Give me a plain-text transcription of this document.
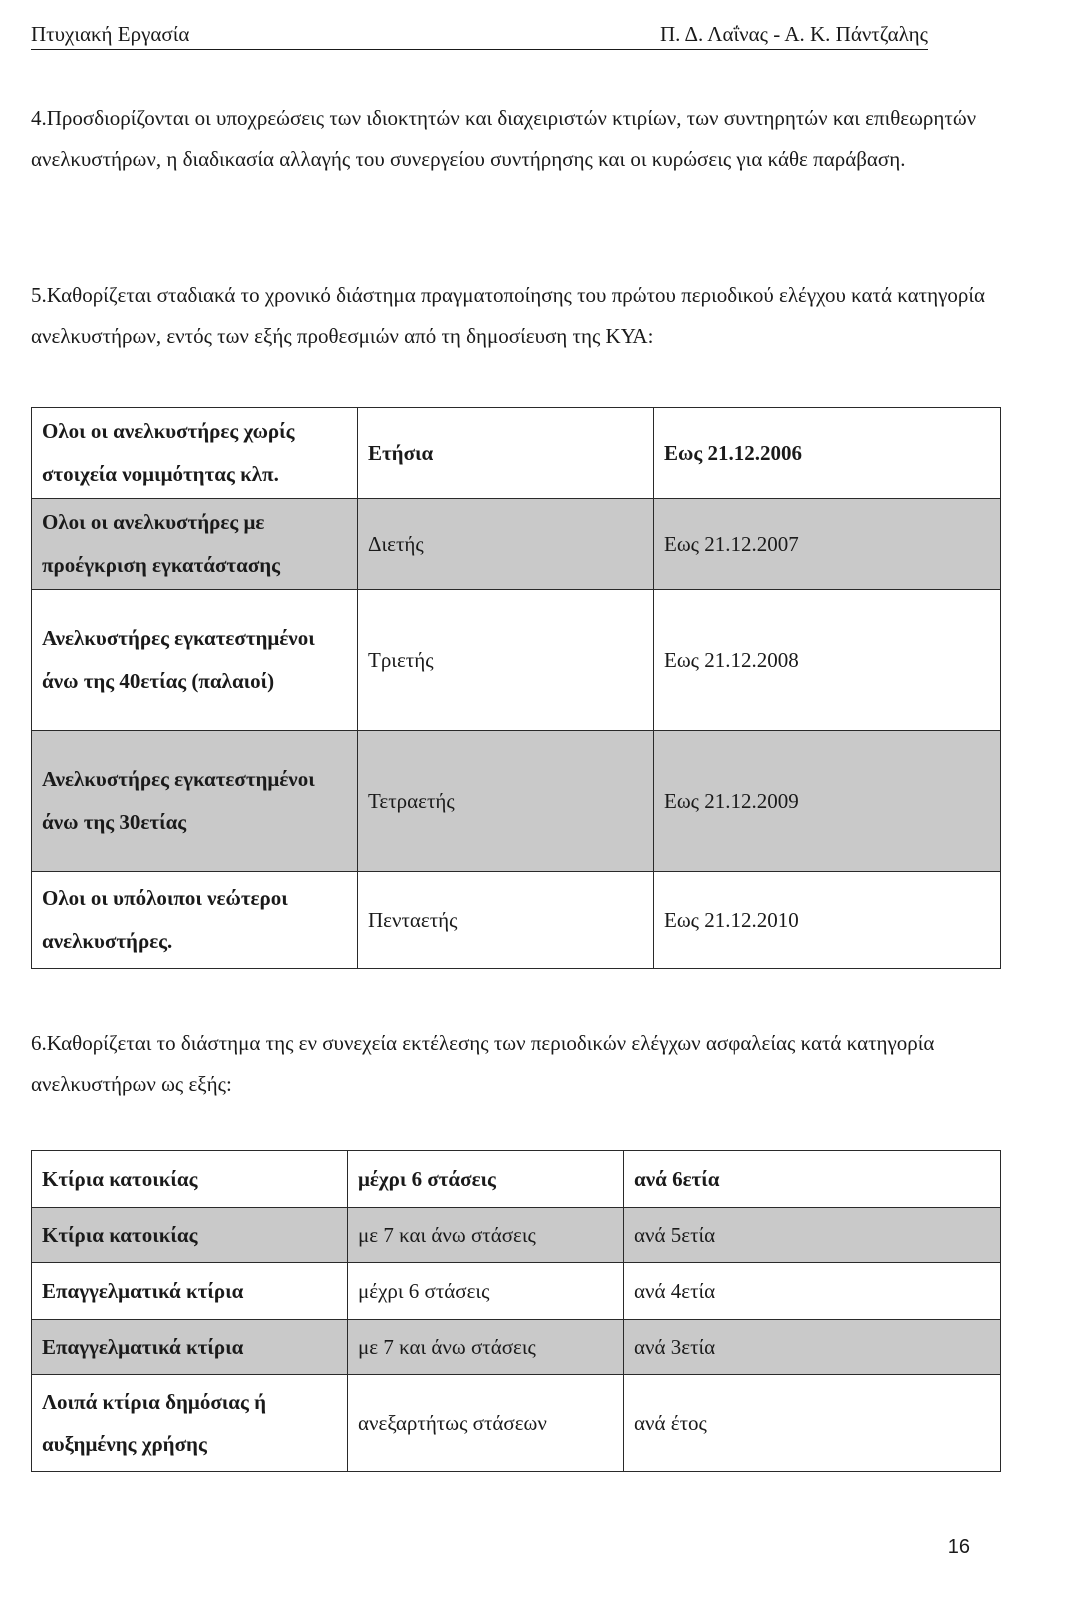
Πτυχιακή Εργασία	Π. Δ. Λαΐνας - Α. Κ. Πάντζαλης

4.Προσδιορίζονται οι υποχρεώσεις των ιδιοκτητών και διαχειριστών κτιρίων, των συντηρητών και επιθεωρητών ανελκυστήρων, η διαδικασία αλλαγής του συνεργείου συντήρησης και οι κυρώσεις για κάθε παράβαση.

5.Καθορίζεται σταδιακά το χρονικό διάστημα πραγματοποίησης του πρώτου περιοδικού ελέγχου κατά κατηγορία ανελκυστήρων, εντός των εξής προθεσμιών από τη δημοσίευση της ΚΥΑ:

Ολοι οι ανελκυστήρες χωρίς στοιχεία νομιμότητας κλπ.	Ετήσια	Εως 21.12.2006
Ολοι οι ανελκυστήρες με προέγκριση εγκατάστασης	Διετής	Εως 21.12.2007
Ανελκυστήρες εγκατεστημένοι άνω της 40ετίας (παλαιοί)	Τριετής	Εως 21.12.2008
Ανελκυστήρες εγκατεστημένοι άνω της 30ετίας	Τετραετής	Εως 21.12.2009
Ολοι οι υπόλοιποι νεώτεροι ανελκυστήρες.	Πενταετής	Εως 21.12.2010

6.Καθορίζεται το διάστημα της εν συνεχεία εκτέλεσης των περιοδικών ελέγχων ασφαλείας κατά κατηγορία ανελκυστήρων ως εξής:

Κτίρια κατοικίας	μέχρι 6 στάσεις	ανά 6ετία
Κτίρια κατοικίας	με 7 και άνω στάσεις	ανά 5ετία
Επαγγελματικά κτίρια	μέχρι 6 στάσεις	ανά 4ετία
Επαγγελματικά κτίρια	με 7 και άνω στάσεις	ανά 3ετία
Λοιπά κτίρια δημόσιας ή αυξημένης χρήσης	ανεξαρτήτως στάσεων	ανά έτος
16
